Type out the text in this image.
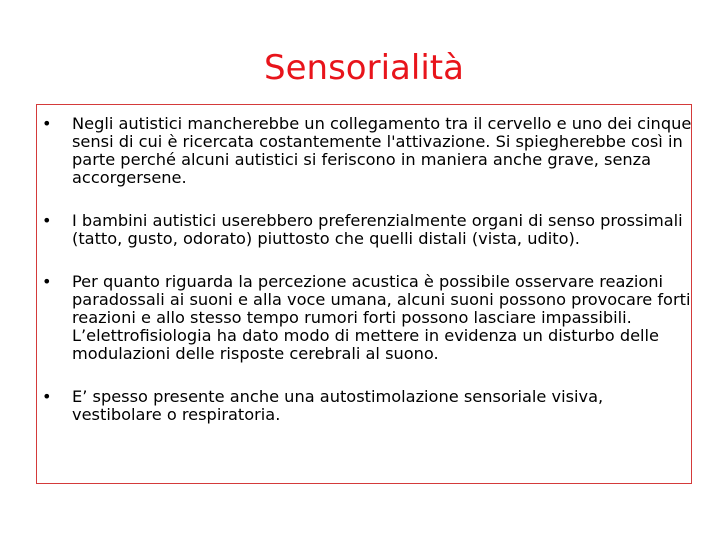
Sensorialità
• Negli autistici mancherebbe un collegamento tra il cervello e uno dei cinque sensi di cui è ricercata costantemente l'attivazione. Si spiegherebbe così in parte perché alcuni autistici si feriscono in maniera anche grave, senza accorgersene.
• I bambini autistici userebbero preferenzialmente organi di senso prossimali (tatto, gusto, odorato) piuttosto che quelli distali (vista, udito).
• Per quanto riguarda la percezione acustica è possibile osservare reazioni paradossali ai suoni e alla voce umana, alcuni suoni possono provocare forti reazioni e allo stesso tempo rumori forti possono lasciare impassibili. L’elettrofisiologia ha dato modo di mettere in evidenza un disturbo delle modulazioni delle risposte cerebrali al suono.
• E’ spesso presente anche una autostimolazione sensoriale visiva, vestibolare o respiratoria.
